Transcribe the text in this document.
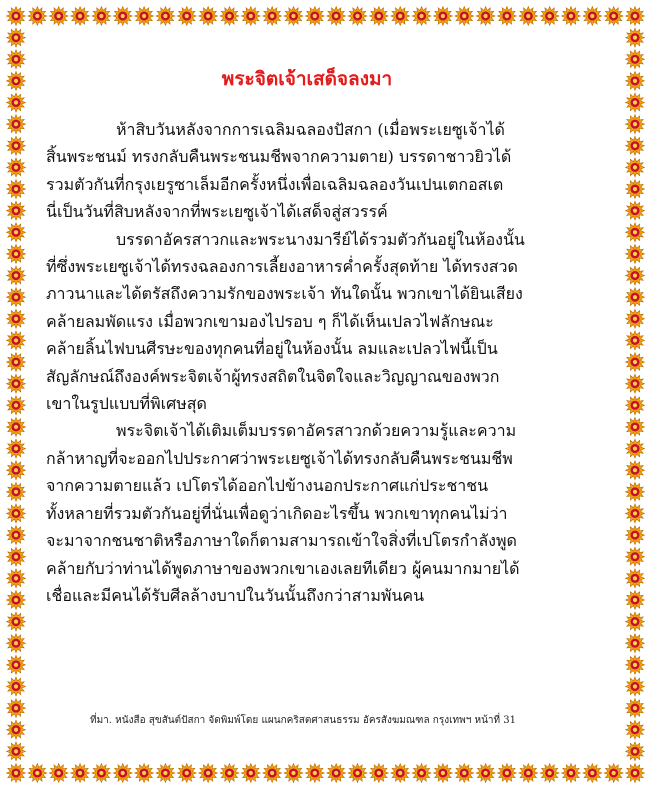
พระจิตเจ้าเสด็จลงมา

ห้าสิบวันหลังจากการเฉลิมฉลองปัสกา (เมื่อพระเยซูเจ้าได้
สิ้นพระชนม์ ทรงกลับคืนพระชนมชีพจากความตาย) บรรดาชาวยิวได้
รวมตัวกันที่กรุงเยรูซาเล็มอีกครั้งหนึ่งเพื่อเฉลิมฉลองวันเปนเตกอสเต
นี่เป็นวันที่สิบหลังจากที่พระเยซูเจ้าได้เสด็จสู่สวรรค์

บรรดาอัครสาวกและพระนางมารีย์ได้รวมตัวกันอยู่ในห้องนั้น
ที่ซึ่งพระเยซูเจ้าได้ทรงฉลองการเลี้ยงอาหารค่ำครั้งสุดท้าย ได้ทรงสวด
ภาวนาและได้ตรัสถึงความรักของพระเจ้า ทันใดนั้น พวกเขาได้ยินเสียง
คล้ายลมพัดแรง เมื่อพวกเขามองไปรอบ ๆ ก็ได้เห็นเปลวไฟลักษณะ
คล้ายลิ้นไฟบนศีรษะของทุกคนที่อยู่ในห้องนั้น ลมและเปลวไฟนี้เป็น
สัญลักษณ์ถึงองค์พระจิตเจ้าผู้ทรงสถิตในจิตใจและวิญญาณของพวก
เขาในรูปแบบที่พิเศษสุด

พระจิตเจ้าได้เติมเต็มบรรดาอัครสาวกด้วยความรู้และความ
กล้าหาญที่จะออกไปประกาศว่าพระเยซูเจ้าได้ทรงกลับคืนพระชนมชีพ
จากความตายแล้ว เปโตรได้ออกไปข้างนอกประกาศแก่ประชาชน
ทั้งหลายที่รวมตัวกันอยู่ที่นั่นเพื่อดูว่าเกิดอะไรขึ้น พวกเขาทุกคนไม่ว่า
จะมาจากชนชาติหรือภาษาใดก็ตามสามารถเข้าใจสิ่งที่เปโตรกำลังพูด
คล้ายกับว่าท่านได้พูดภาษาของพวกเขาเองเลยทีเดียว ผู้คนมากมายได้
เชื่อและมีคนได้รับศีลล้างบาปในวันนั้นถึงกว่าสามพันคน

ที่มา. หนังสือ สุขสันต์ปัสกา จัดพิมพ์โดย แผนกคริสตศาสนธรรม อัครสังฆมณฑล กรุงเทพฯ หน้าที่ 31
